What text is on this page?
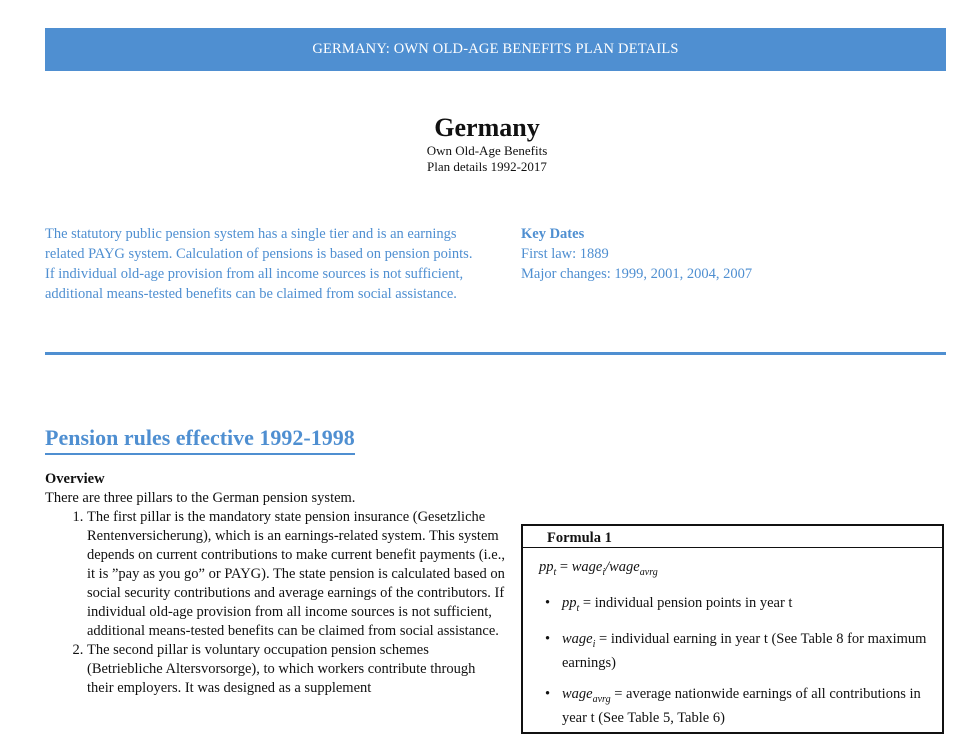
GERMANY: OWN OLD-AGE BENEFITS PLAN DETAILS
Germany
Own Old-Age Benefits
Plan details 1992-2017
The statutory public pension system has a single tier and is an earnings related PAYG system. Calculation of pensions is based on pension points. If individual old-age provision from all income sources is not sufficient, additional means-tested benefits can be claimed from social assistance.
Key Dates
First law: 1889
Major changes: 1999, 2001, 2004, 2007
Pension rules effective 1992-1998
Overview
There are three pillars to the German pension system.
1. The first pillar is the mandatory state pension insurance (Gesetzliche Rentenversicherung), which is an earnings-related system. This system depends on current contributions to make current benefit payments (i.e., it is ”pay as you go” or PAYG). The state pension is calculated based on social security contributions and average earnings of the contributors. If individual old-age provision from all income sources is not sufficient, additional means-tested benefits can be claimed from social assistance.
2. The second pillar is voluntary occupation pension schemes (Betriebliche Altersvorsorge), to which workers contribute through their employers. It was designed as a supplement
Formula 1
$pp_t$ = wage$_i$/wage$_{avrg}$
• $pp_t$ = individual pension points in year t
• wage$_i$ = individual earning in year t (See Table 8 for maximum earnings)
• wage$_{avrg}$ = average nationwide earnings of all contributions in year t (See Table 5, Table 6)
